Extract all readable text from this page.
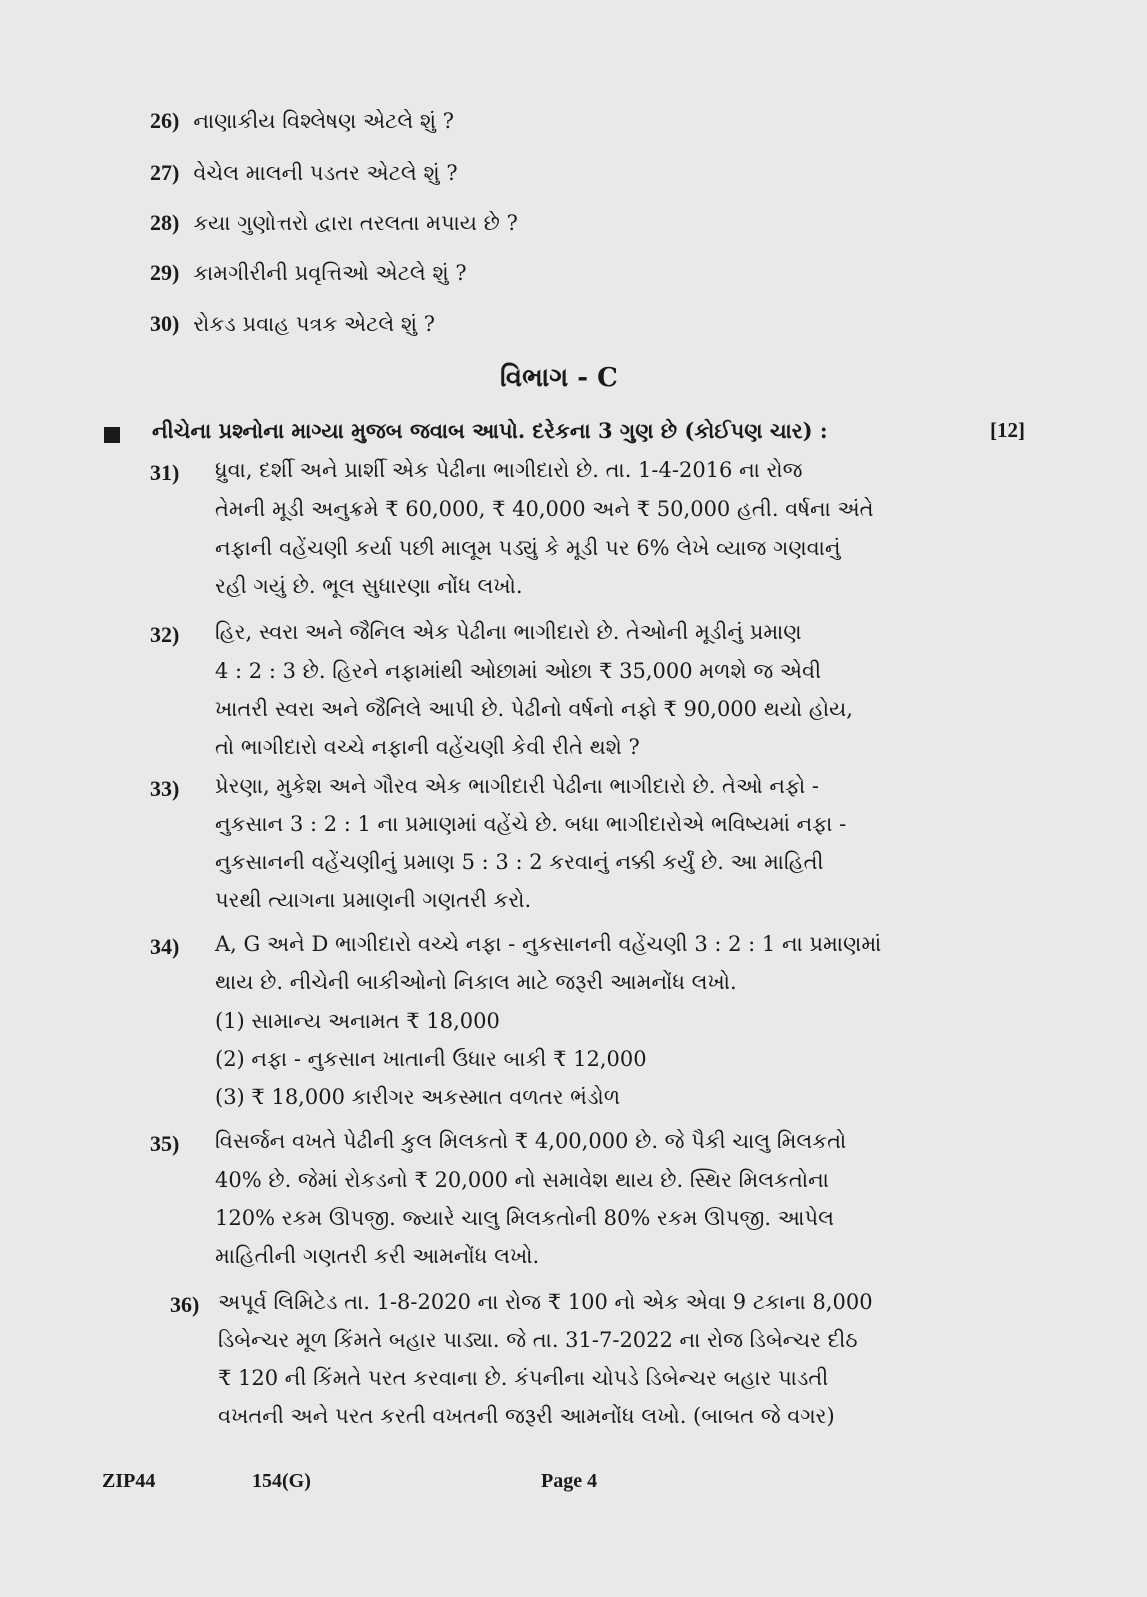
26) નાણાકીય વિશ્લેષણ એટલે શું ?
27) વેચેલ માલની પડતર એટલે શું ?
28) કયા ગુણોત્તરો દ્વારા તરલતા મપાય છે ?
29) કામગીરીની પ્રવૃત્તિઓ એટલે શું ?
30) રોકડ પ્રવાહ પત્રક એટલે શું ?
વિભાગ - C
નીચેના પ્રશ્નોના માગ્યા મુજબ જવાબ આપો. દરેકના 3 ગુણ છે (કોઈપણ ચાર) :	[12]
31) ધ્રુવા, દર્શી અને પ્રાર્શી એક પેઢીના ભાગીદારો છે. તા. 1-4-2016 ના રોજ
તેમની મૂડી અનુક્રમે ₹ 60,000, ₹ 40,000 અને ₹ 50,000 હતી. વર્ષના અંતે
નફાની વહેંચણી કર્યા પછી માલૂમ પડ્યું કે મૂડી પર 6% લેખે વ્યાજ ગણવાનું
રહી ગયું છે. ભૂલ સુધારણા નોંધ લખો.
32) હિર, સ્વરા અને જૈનિલ એક પેઢીના ભાગીદારો છે. તેઓની મૂડીનું પ્રમાણ
4 : 2 : 3 છે. હિરને નફામાંથી ઓછામાં ઓછા ₹ 35,000 મળશે જ એવી
ખાતરી સ્વરા અને જૈનિલે આપી છે. પેઢીનો વર્ષનો નફો ₹ 90,000 થયો હોય,
તો ભાગીદારો વચ્ચે નફાની વહેંચણી કેવી રીતે થશે ?
33) પ્રેરણા, મુકેશ અને ગૌરવ એક ભાગીદારી પેઢીના ભાગીદારો છે. તેઓ નફો -
નુકસાન 3 : 2 : 1 ના પ્રમાણમાં વહેંચે છે. બધા ભાગીદારોએ ભવિષ્યમાં નફા -
નુકસાનની વહેંચણીનું પ્રમાણ 5 : 3 : 2 કરવાનું નક્કી કર્યું છે. આ માહિતી
પરથી ત્યાગના પ્રમાણની ગણતરી કરો.
34) A, G અને D ભાગીદારો વચ્ચે નફા - નુકસાનની વહેંચણી 3 : 2 : 1 ના પ્રમાણમાં
થાય છે. નીચેની બાકીઓનો નિકાલ માટે જરૂરી આમનોંધ લખો.
(1) સામાન્ય અનામત ₹ 18,000
(2) નફા - નુકસાન ખાતાની ઉધાર બાકી ₹ 12,000
(3) ₹ 18,000 કારીગર અકસ્માત વળતર ભંડોળ
35) વિસર્જન વખતે પેઢીની કુલ મિલકતો ₹ 4,00,000 છે. જે પૈકી ચાલુ મિલકતો
40% છે. જેમાં રોકડનો ₹ 20,000 નો સમાવેશ થાય છે. સ્થિર મિલકતોના
120% રકમ ઊપજી. જ્યારે ચાલુ મિલકતોની 80% રકમ ઊપજી. આપેલ
માહિતીની ગણતરી કરી આમનોંધ લખો.
36) અપૂર્વ લિમિટેડ તા. 1-8-2020 ના રોજ ₹ 100 નો એક એવા 9 ટકાના 8,000
ડિબેન્ચર મૂળ કિંમતે બહાર પાડ્યા. જે તા. 31-7-2022 ના રોજ ડિબેન્ચર દીઠ
₹ 120 ની કિંમતે પરત કરવાના છે. કંપનીના ચોપડે ડિબેન્ચર બહાર પાડતી
વખતની અને પરત કરતી વખતની જરૂરી આમનોંધ લખો. (બાબત જે વગર)
ZIP44	154(G)	Page 4
